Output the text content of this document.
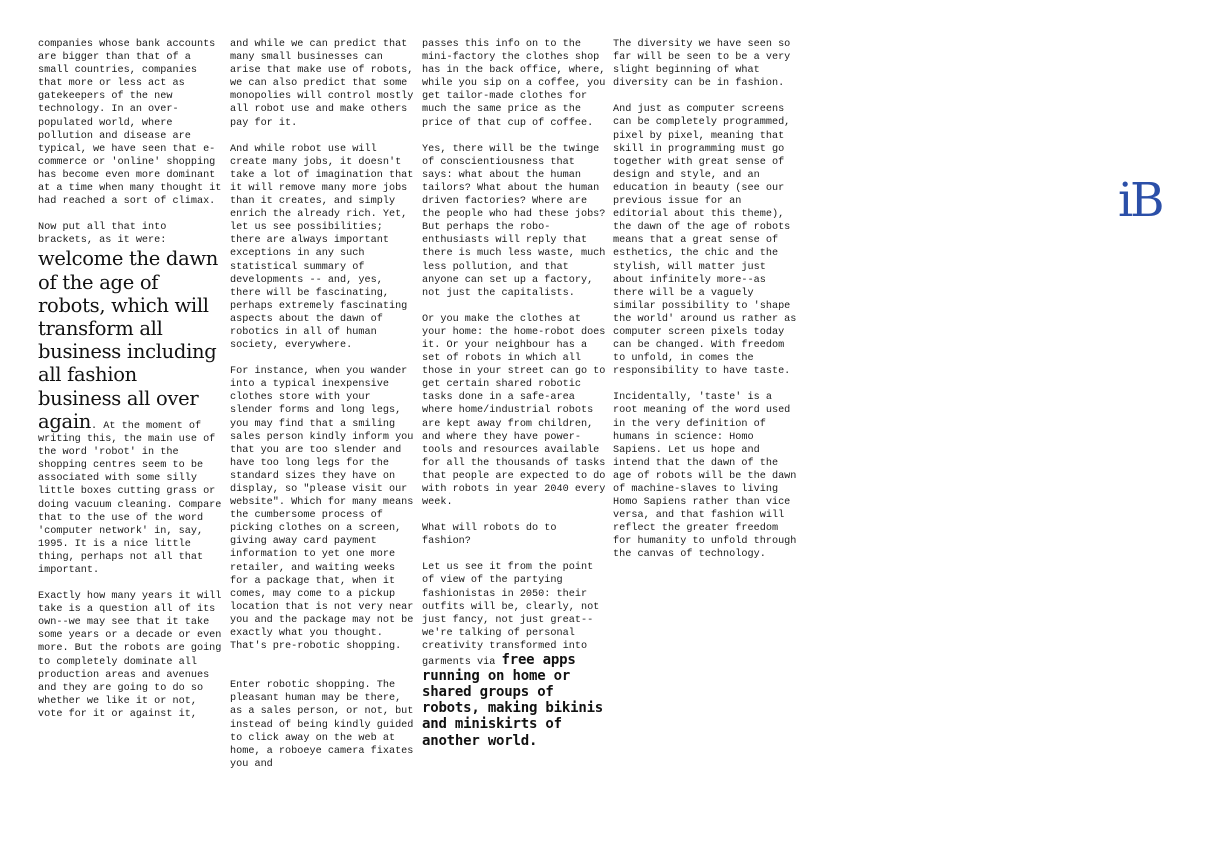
companies whose bank accounts are bigger than that of a small countries, companies that more or less act as gatekeepers of the new technology. In an over-populated world, where pollution and disease are typical, we have seen that e-commerce or 'online' shopping has become even more dominant at a time when many thought it had reached a sort of climax.

Now put all that into brackets, as it were:
welcome the dawn of the age of robots, which will transform all business including all fashion business all over again. At the moment of writing this, the main use of the word 'robot' in the shopping centres seem to be associated with some silly little boxes cutting grass or doing vacuum cleaning. Compare that to the use of the word 'computer network' in, say, 1995. It is a nice little thing, perhaps not all that important.

Exactly how many years it will take is a question all of its own--we may see that it take some years or a decade or even more. But the robots are going to completely dominate all production areas and avenues and they are going to do so whether we like it or not, vote for it or against it,

and while we can predict that many small businesses can arise that make use of robots, we can also predict that some monopolies will control mostly all robot use and make others pay for it.

And while robot use will create many jobs, it doesn't take a lot of imagination that it will remove many more jobs than it creates, and simply enrich the already rich. Yet, let us see possibilities; there are always important exceptions in any such statistical summary of developments -- and, yes, there will be fascinating, perhaps extremely fascinating aspects about the dawn of robotics in all of human society, everywhere.

For instance, when you wander into a typical inexpensive clothes store with your slender forms and long legs, you may find that a smiling sales person kindly inform you that you are too slender and have too long legs for the standard sizes they have on display, so "please visit our website". Which for many means the cumbersome process of picking clothes on a screen, giving away card payment information to yet one more retailer, and waiting weeks for a package that, when it comes, may come to a pickup location that is not very near you and the package may not be exactly what you thought. That's pre-robotic shopping.

Enter robotic shopping. The pleasant human may be there, as a sales person, or not, but instead of being kindly guided to click away on the web at home, a roboeye camera fixates you and

passes this info on to the mini-factory the clothes shop has in the back office, where, while you sip on a coffee, you get tailor-made clothes for much the same price as the price of that cup of coffee.

Yes, there will be the twinge of conscientiousness that says: what about the human tailors? What about the human driven factories? Where are the people who had these jobs? But perhaps the robo-enthusiasts will reply that there is much less waste, much less pollution, and that anyone can set up a factory, not just the capitalists.

Or you make the clothes at your home: the home-robot does it. Or your neighbour has a set of robots in which all those in your street can go to get certain shared robotic tasks done in a safe-area where home/industrial robots are kept away from children, and where they have power-tools and resources available for all the thousands of tasks that people are expected to do with robots in year 2040 every week.

What will robots do to fashion?

Let us see it from the point of view of the partying fashionistas in 2050: their outfits will be, clearly, not just fancy, not just great--we're talking of personal creativity transformed into garments via free apps running on home or shared groups of robots, making bikinis and miniskirts of another world.

The diversity we have seen so far will be seen to be a very slight beginning of what diversity can be in fashion.

And just as computer screens can be completely programmed, pixel by pixel, meaning that skill in programming must go together with great sense of design and style, and an education in beauty (see our previous issue for an editorial about this theme), the dawn of the age of robots means that a great sense of esthetics, the chic and the stylish, will matter just about infinitely more--as there will be a vaguely similar possibility to 'shape the world' around us rather as computer screen pixels today can be changed. With freedom to unfold, in comes the responsibility to have taste.

Incidentally, 'taste' is a root meaning of the word used in the very definition of humans in science: Homo Sapiens. Let us hope and intend that the dawn of the age of robots will be the dawn of machine-slaves to living Homo Sapiens rather than vice versa, and that fashion will reflect the greater freedom for humanity to unfold through the canvas of technology.

iB
